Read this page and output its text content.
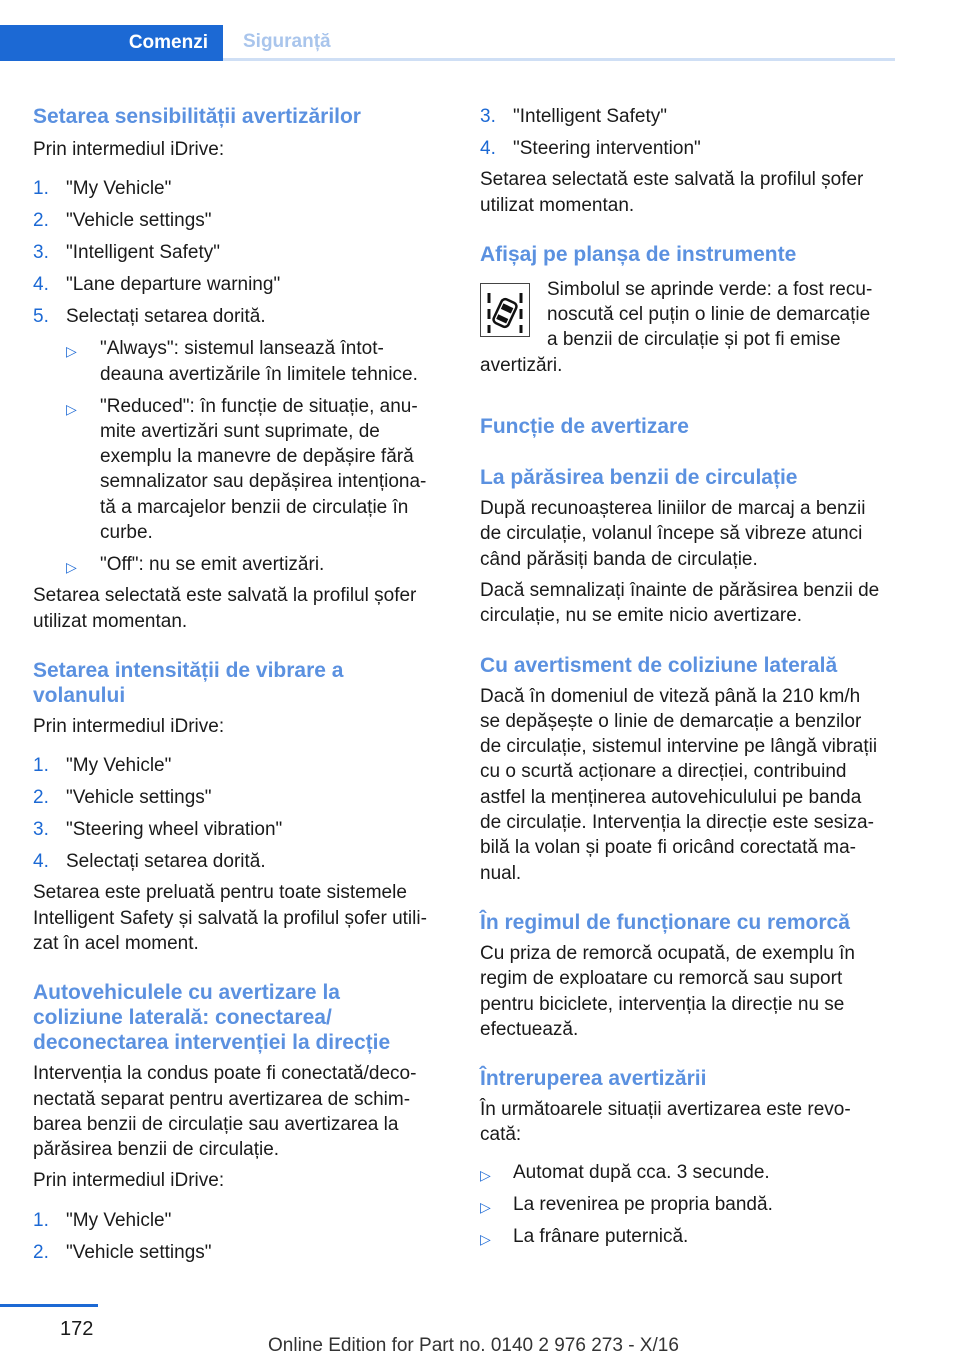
Comenzi	Siguranță
Setarea sensibilității avertizărilor
Prin intermediul iDrive:
1. "My Vehicle"
2. "Vehicle settings"
3. "Intelligent Safety"
4. "Lane departure warning"
5. Selectați setarea dorită.
▷ "Always": sistemul lansează întot-
deauna avertizările în limitele tehnice.
▷ "Reduced": în funcție de situație, anu-
mite avertizări sunt suprimate, de
exemplu la manevre de depășire fără
semnalizator sau depășirea intenționa-
tă a marcajelor benzii de circulație în
curbe.
▷ "Off": nu se emit avertizări.
Setarea selectată este salvată la profilul șofer
utilizat momentan.
Setarea intensității de vibrare a
volanului
Prin intermediul iDrive:
1. "My Vehicle"
2. "Vehicle settings"
3. "Steering wheel vibration"
4. Selectați setarea dorită.
Setarea este preluată pentru toate sistemele
Intelligent Safety și salvată la profilul șofer utili-
zat în acel moment.
Autovehiculele cu avertizare la
coliziune laterală: conectarea/
deconectarea intervenției la direcție
Intervenția la condus poate fi conectată/deco-
nectată separat pentru avertizarea de schim-
barea benzii de circulație sau avertizarea la
părăsirea benzii de circulație.
Prin intermediul iDrive:
1. "My Vehicle"
2. "Vehicle settings"
3. "Intelligent Safety"
4. "Steering intervention"
Setarea selectată este salvată la profilul șofer
utilizat momentan.
Afișaj pe planșa de instrumente
Simbolul se aprinde verde: a fost recu-
noscută cel puțin o linie de demarcație
a benzii de circulație și pot fi emise
avertizări.
Funcție de avertizare
La părăsirea benzii de circulație
După recunoașterea liniilor de marcaj a benzii
de circulație, volanul începe să vibreze atunci
când părăsiți banda de circulație.
Dacă semnalizați înainte de părăsirea benzii de
circulație, nu se emite nicio avertizare.
Cu avertisment de coliziune laterală
Dacă în domeniul de viteză până la 210 km/h
se depășește o linie de demarcație a benzilor
de circulație, sistemul intervine pe lângă vibrații
cu o scurtă acționare a direcției, contribuind
astfel la menținerea autovehiculului pe banda
de circulație. Intervenția la direcție este sesiza-
bilă la volan și poate fi oricând corectată ma-
nual.
În regimul de funcționare cu remorcă
Cu priza de remorcă ocupată, de exemplu în
regim de exploatare cu remorcă sau suport
pentru biciclete, intervenția la direcție nu se
efectuează.
Întreruperea avertizării
În următoarele situații avertizarea este revo-
cată:
▷ Automat după cca. 3 secunde.
▷ La revenirea pe propria bandă.
▷ La frânare puternică.
172
Online Edition for Part no. 0140 2 976 273 - X/16
